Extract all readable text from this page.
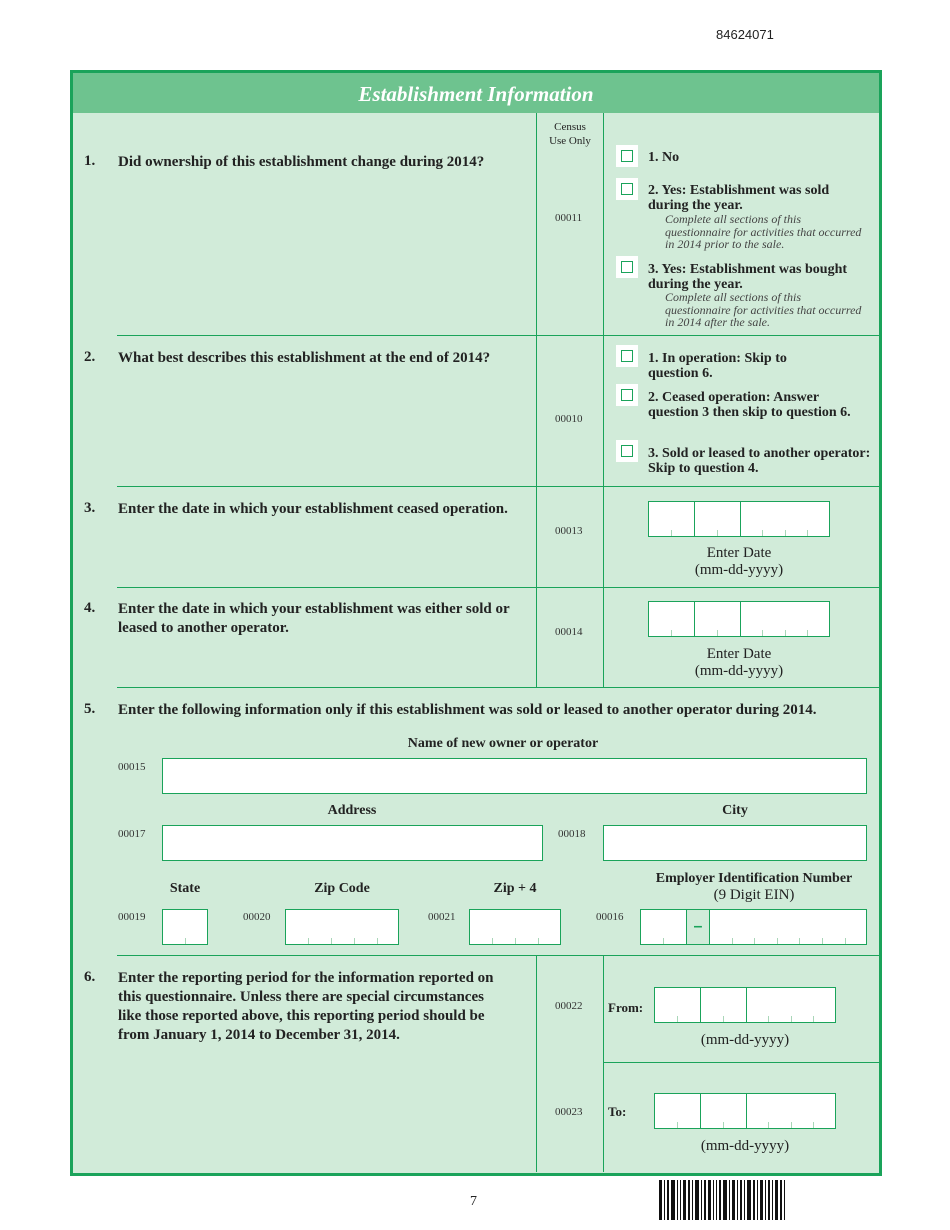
84624071
Establishment Information
Census
Use Only
1. Did ownership of this establishment change during 2014?
00011
1. No
2. Yes: Establishment was sold during the year.
Complete all sections of this questionnaire for activities that occurred in 2014 prior to the sale.
3. Yes: Establishment was bought during the year.
Complete all sections of this questionnaire for activities that occurred in 2014 after the sale.
2. What best describes this establishment at the end of 2014?
00010
1. In operation: Skip to question 6.
2. Ceased operation: Answer question 3 then skip to question 6.
3. Sold or leased to another operator: Skip to question 4.
3. Enter the date in which your establishment ceased operation.
00013
Enter Date
(mm-dd-yyyy)
4. Enter the date in which your establishment was either sold or leased to another operator.	00014
Enter Date
(mm-dd-yyyy)
5. Enter the following information only if this establishment was sold or leased to another operator during 2014.
Name of new owner or operator
00015
Address
00017
City
00018
State
00019
Zip Code
00020
Zip + 4
00021
Employer Identification Number
(9 Digit EIN)
00016
–
6. Enter the reporting period for the information reported on this questionnaire. Unless there are special circumstances like those reported above, this reporting period should be from January 1, 2014 to December 31, 2014.
00022 From:
(mm-dd-yyyy)
00023 To:
(mm-dd-yyyy)
7
